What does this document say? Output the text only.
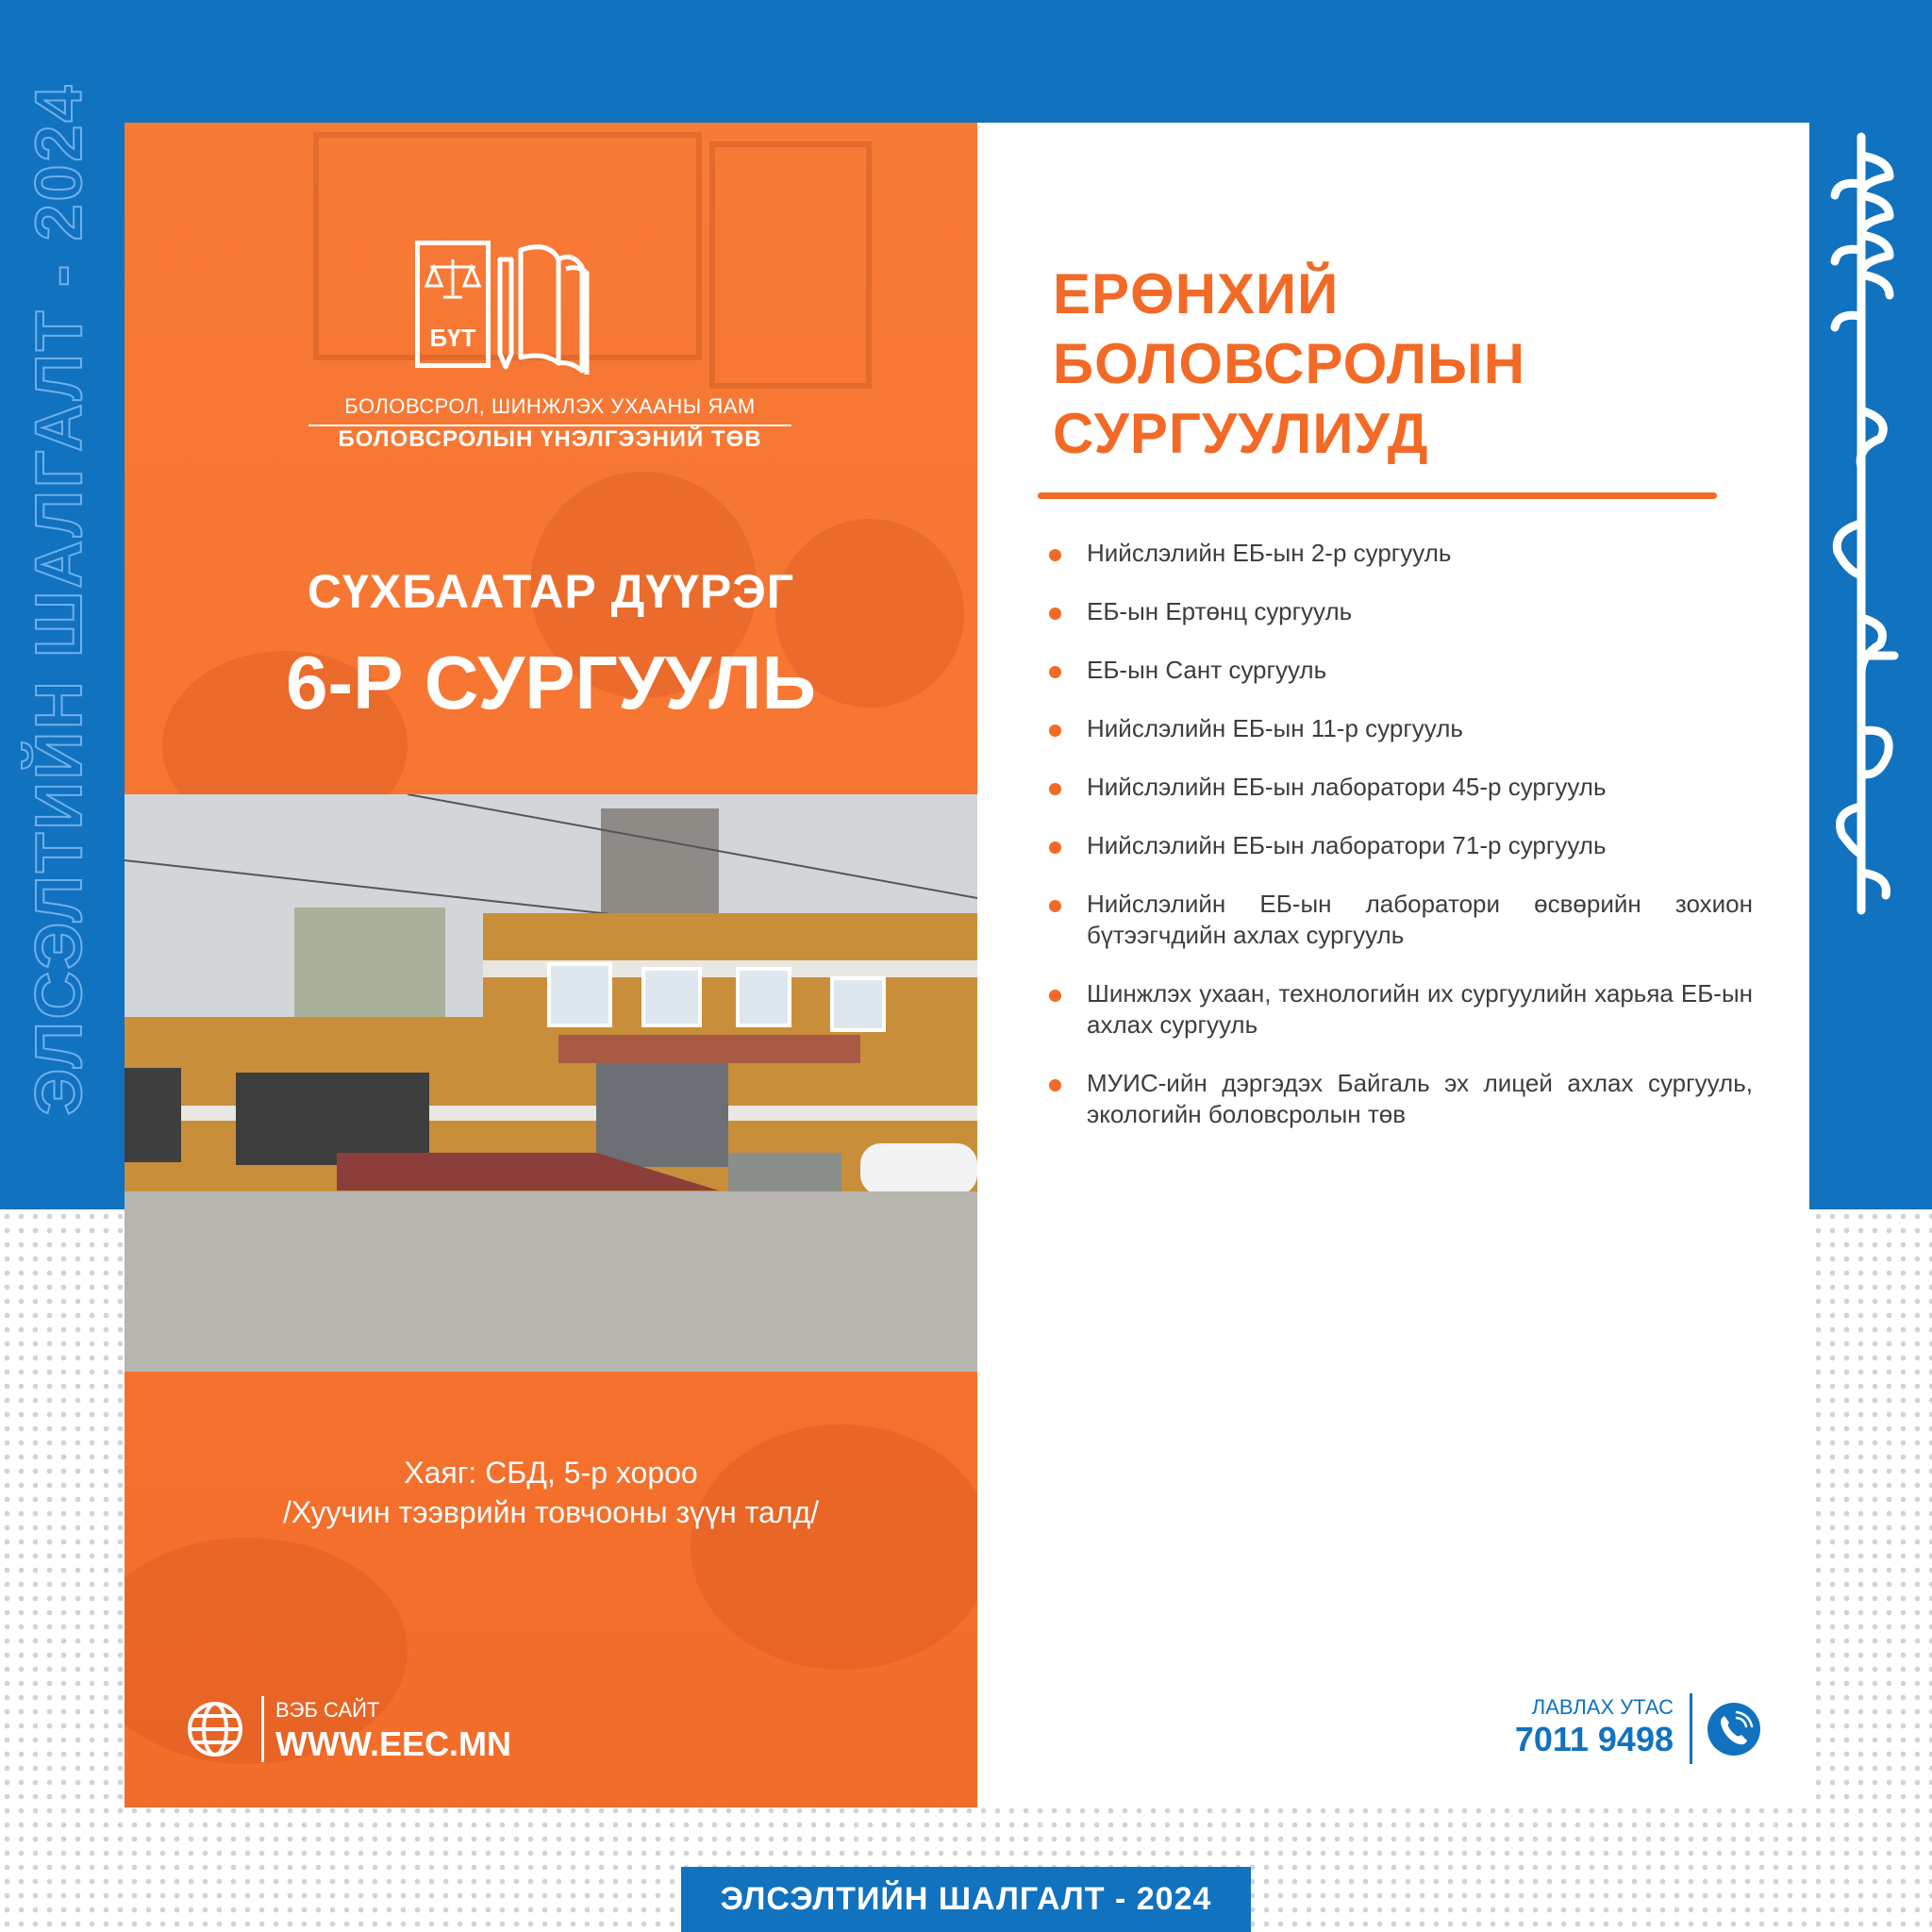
ЭЛСЭЛТИЙН ШАЛГАЛТ - 2024	БҮТ
БОЛОВСРОЛ, ШИНЖЛЭХ УХААНЫ ЯАМ
БОЛОВСРОЛЫН ҮНЭЛГЭЭНИЙ ТӨВ
СҮХБААТАР ДҮҮРЭГ
6-Р СУРГУУЛЬ
Хаяг: СБД, 5-р хороо
/Хуучин тээврийн товчооны зүүн талд/
ВЭБ САЙТ
WWW.EEC.MN
ЕРӨНХИЙ
БОЛОВСРОЛЫН
СУРГУУЛИУД
Нийслэлийн ЕБ-ын 2-р сургууль
ЕБ-ын Ертөнц сургууль
ЕБ-ын Сант сургууль
Нийслэлийн ЕБ-ын 11-р сургууль
Нийслэлийн ЕБ-ын лаборатори 45-р сургууль
Нийслэлийн ЕБ-ын лаборатори 71-р сургууль
Нийслэлийн ЕБ-ын лаборатори өсвөрийн зохион бүтээгчдийн ахлах сургууль
Шинжлэх ухаан, технологийн их сургуулийн харьяа ЕБ-ын ахлах сургууль
МУИС-ийн дэргэдэх Байгаль эх лицей ахлах сургууль, экологийн боловсролын төв
ЛАВЛАХ УТАС
7011 9498
ЭЛСЭЛТИЙН ШАЛГАЛТ - 2024
